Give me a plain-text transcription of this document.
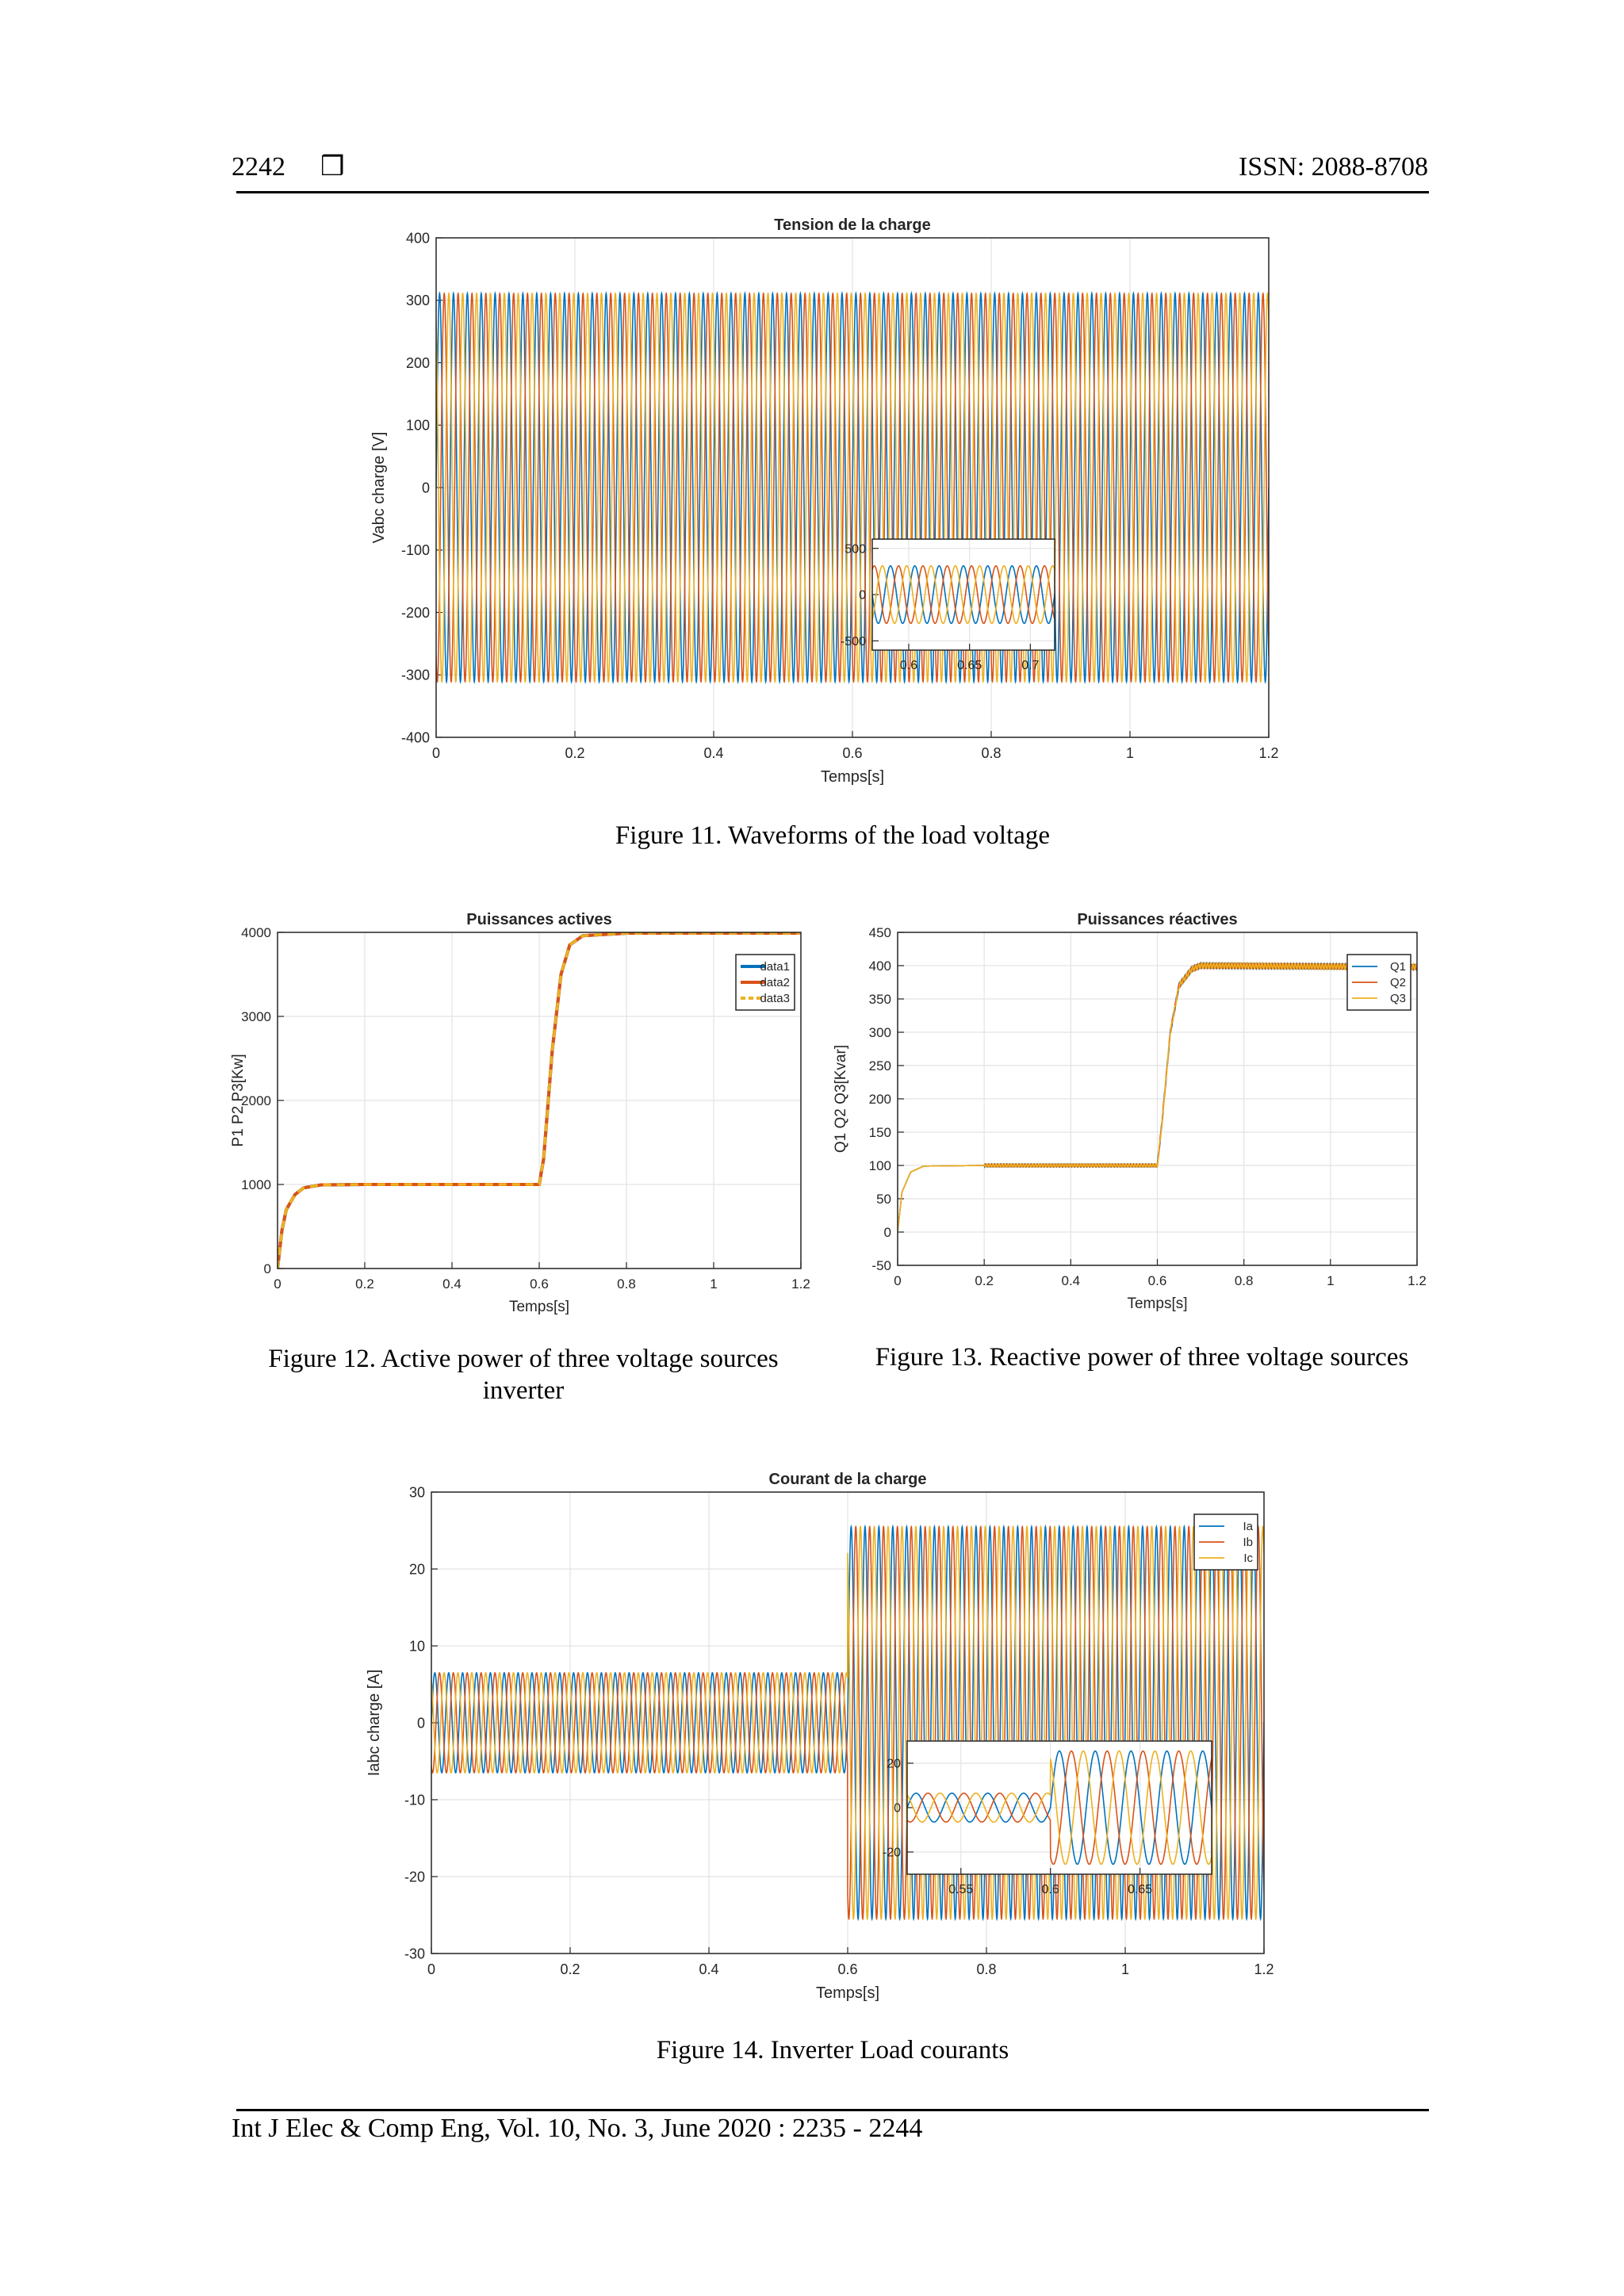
2242 ❒	ISSN: 2088-8708
0	0.2	0.4	0.6	0.8	1	1.2
400
300
200
100
0
-100
-200
-300
-400
Tension de la charge
Temps[s]
Vabc charge [V]
0.6	0.65	0.7
500
0
-500
Figure 11. Waveforms of the load voltage
0	0.2	0.4	0.6	0.8	1	1.2
4000
3000
2000
1000
0
Puissances actives
Temps[s]
P1 P2 P3[Kw]
data1
data2
data3
Figure 12. Active power of three voltage sources
inverter
0	0.2	0.4	0.6	0.8	1	1.2
450
400
350
300
250
200
150
100
50
0
-50
Puissances réactives
Temps[s]
Q1 Q2 Q3[Kvar]
Q1
Q2
Q3
Figure 13. Reactive power of three voltage sources
0	0.2	0.4	0.6	0.8	1	1.2
30
20
10
0
-10
-20
-30
Courant de la charge
Temps[s]
Iabc charge [A]
Ia
Ib
Ic
0.55	0.6	0.65
20
0
-20
Figure 14. Inverter Load courants
Int J Elec & Comp Eng, Vol. 10, No. 3, June 2020 : 2235 - 2244
